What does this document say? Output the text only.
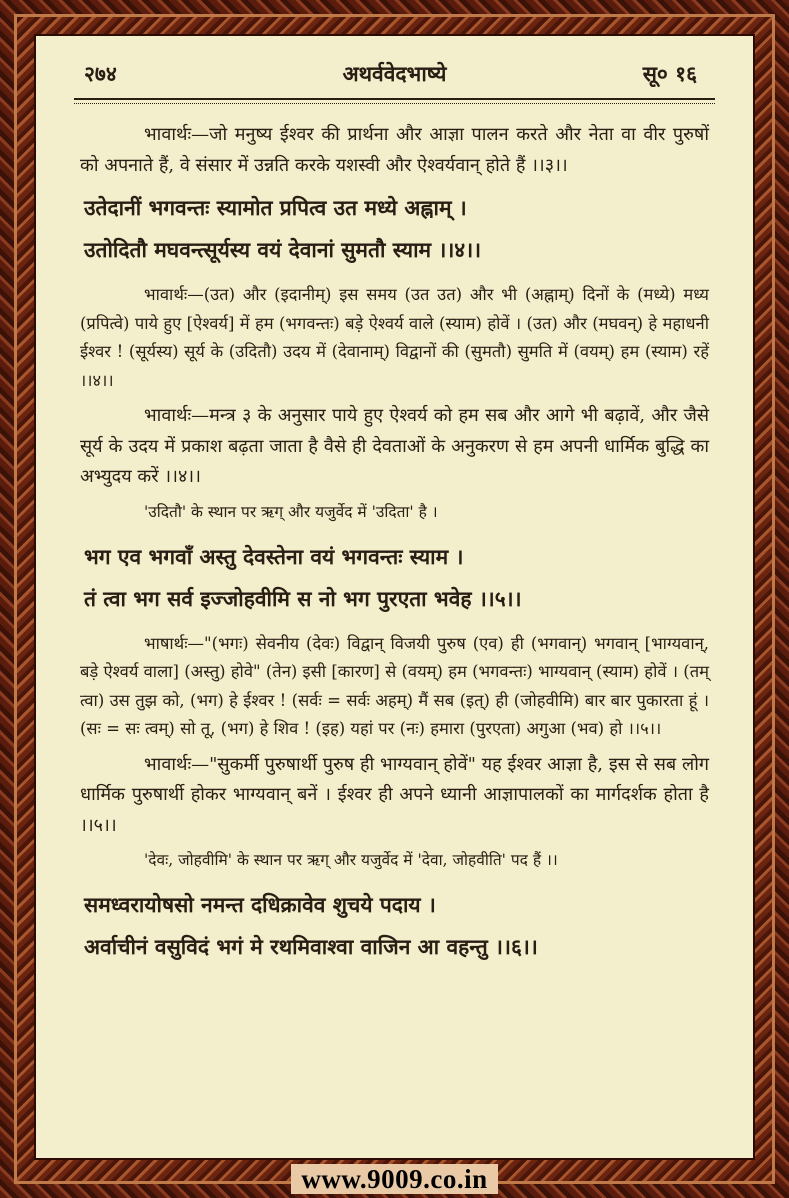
२७४	अथर्ववेदभाष्ये	सू० १६

भावार्थः—जो मनुष्य ईश्वर की प्रार्थना और आज्ञा पालन करते और नेता वा वीर पुरुषों को अपनाते हैं, वे संसार में उन्नति करके यशस्वी और ऐश्वर्यवान् होते हैं ।।३।।

उतेदानीं भगवन्तः स्यामोत प्रपित्व उत मध्ये अह्नाम् ।

उतोदितौ मघवन्त्सूर्यस्य वयं देवानां सुमतौ स्याम ।।४।।

भावार्थः—(उत) और (इदानीम्) इस समय (उत उत) और भी (अह्नाम्) दिनों के (मध्ये) मध्य (प्रपित्वे) पाये हुए [ऐश्वर्य] में हम (भगवन्तः) बड़े ऐश्वर्य वाले (स्याम) होवें । (उत) और (मघवन्) हे महाधनी ईश्वर ! (सूर्यस्य) सूर्य के (उदितौ) उदय में (देवानाम्) विद्वानों की (सुमतौ) सुमति में (वयम्) हम (स्याम) रहें ।।४।।

भावार्थः—मन्त्र ३ के अनुसार पाये हुए ऐश्वर्य को हम सब और आगे भी बढ़ावें, और जैसे सूर्य के उदय में प्रकाश बढ़ता जाता है वैसे ही देवताओं के अनुकरण से हम अपनी धार्मिक बुद्धि का अभ्युदय करें ।।४।।

'उदितौ' के स्थान पर ऋग् और यजुर्वेद में 'उदिता' है ।

भग एव भगवाँ अस्तु देवस्तेना वयं भगवन्तः स्याम ।

तं त्वा भग सर्व इज्जोहवीमि स नो भग पुरएता भवेह ।।५।।

भाषार्थः—"(भगः) सेवनीय (देवः) विद्वान् विजयी पुरुष (एव) ही (भगवान्) भगवान् [भाग्यवान्, बड़े ऐश्वर्य वाला] (अस्तु) होवे" (तेन) इसी [कारण] से (वयम्) हम (भगवन्तः) भाग्यवान् (स्याम) होवें । (तम् त्वा) उस तुझ को, (भग) हे ईश्वर ! (सर्वः = सर्वः अहम्) मैं सब (इत्) ही (जोहवीमि) बार बार पुकारता हूं । (सः = सः त्वम्) सो तू, (भग) हे शिव ! (इह) यहां पर (नः) हमारा (पुरएता) अगुआ (भव) हो ।।५।।

भावार्थः—"सुकर्मी पुरुषार्थी पुरुष ही भाग्यवान् होवें" यह ईश्वर आज्ञा है, इस से सब लोग धार्मिक पुरुषार्थी होकर भाग्यवान् बनें । ईश्वर ही अपने ध्यानी आज्ञापालकों का मार्गदर्शक होता है ।।५।।

'देवः, जोहवीमि' के स्थान पर ऋग् और यजुर्वेद में 'देवा, जोहवीति' पद हैं ।।

समध्वरायोषसो नमन्त दधिक्रावेव शुचये पदाय ।

अर्वाचीनं वसुविदं भगं मे रथमिवाश्वा वाजिन आ वहन्तु ।।६।।

www.9009.co.in
